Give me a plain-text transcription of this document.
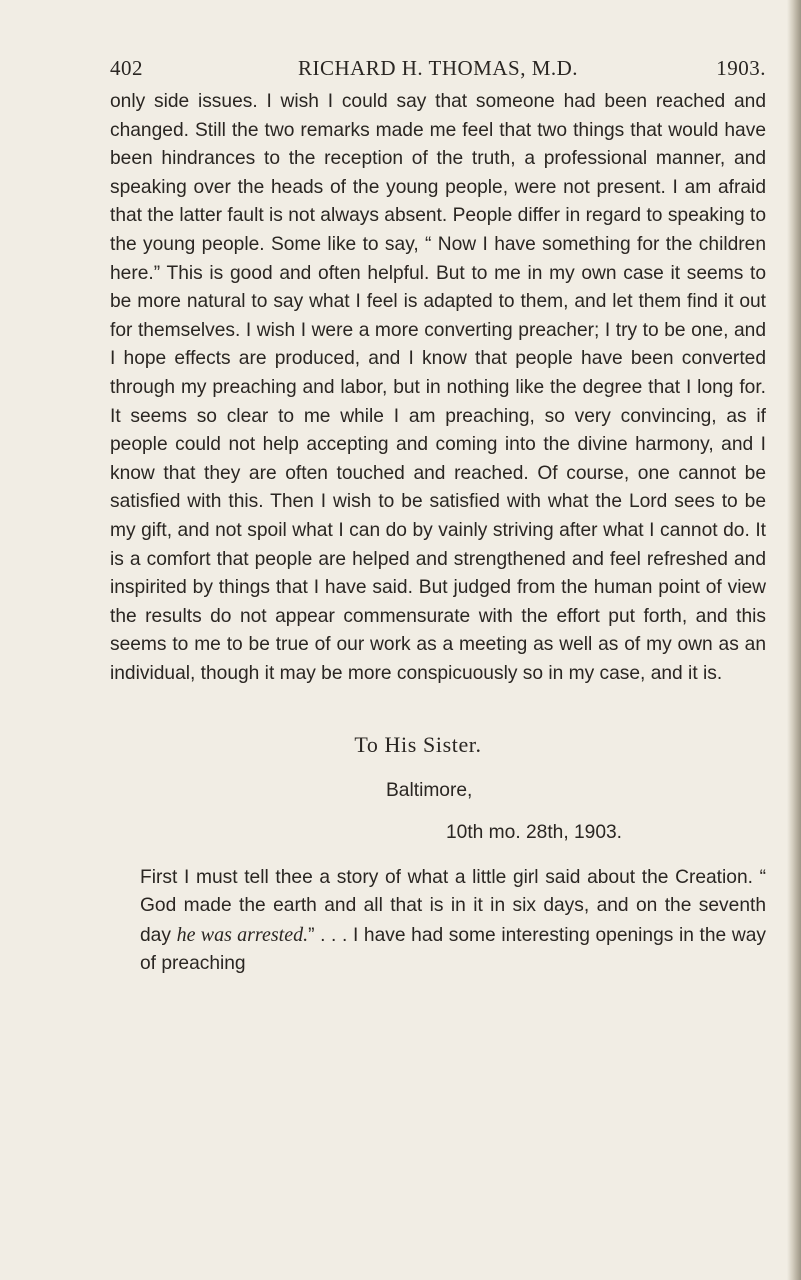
402	RICHARD H. THOMAS, M.D.	1903.

only side issues. I wish I could say that someone had been reached and changed. Still the two remarks made me feel that two things that would have been hindrances to the reception of the truth, a professional manner, and speaking over the heads of the young people, were not present. I am afraid that the latter fault is not always absent. People differ in regard to speaking to the young people. Some like to say, “ Now I have something for the children here.” This is good and often helpful. But to me in my own case it seems to be more natural to say what I feel is adapted to them, and let them find it out for themselves. I wish I were a more converting preacher; I try to be one, and I hope effects are produced, and I know that people have been converted through my preaching and labor, but in nothing like the degree that I long for. It seems so clear to me while I am preaching, so very convincing, as if people could not help accepting and coming into the divine harmony, and I know that they are often touched and reached. Of course, one cannot be satisfied with this. Then I wish to be satisfied with what the Lord sees to be my gift, and not spoil what I can do by vainly striving after what I cannot do. It is a comfort that people are helped and strengthened and feel refreshed and inspirited by things that I have said. But judged from the human point of view the results do not appear commensurate with the effort put forth, and this seems to me to be true of our work as a meeting as well as of my own as an individual, though it may be more conspicuously so in my case, and it is.

To His Sister.
Baltimore,
10th mo. 28th, 1903.

First I must tell thee a story of what a little girl said about the Creation. “ God made the earth and all that is in it in six days, and on the seventh day he was arrested.” . . . I have had some interesting openings in the way of preaching
